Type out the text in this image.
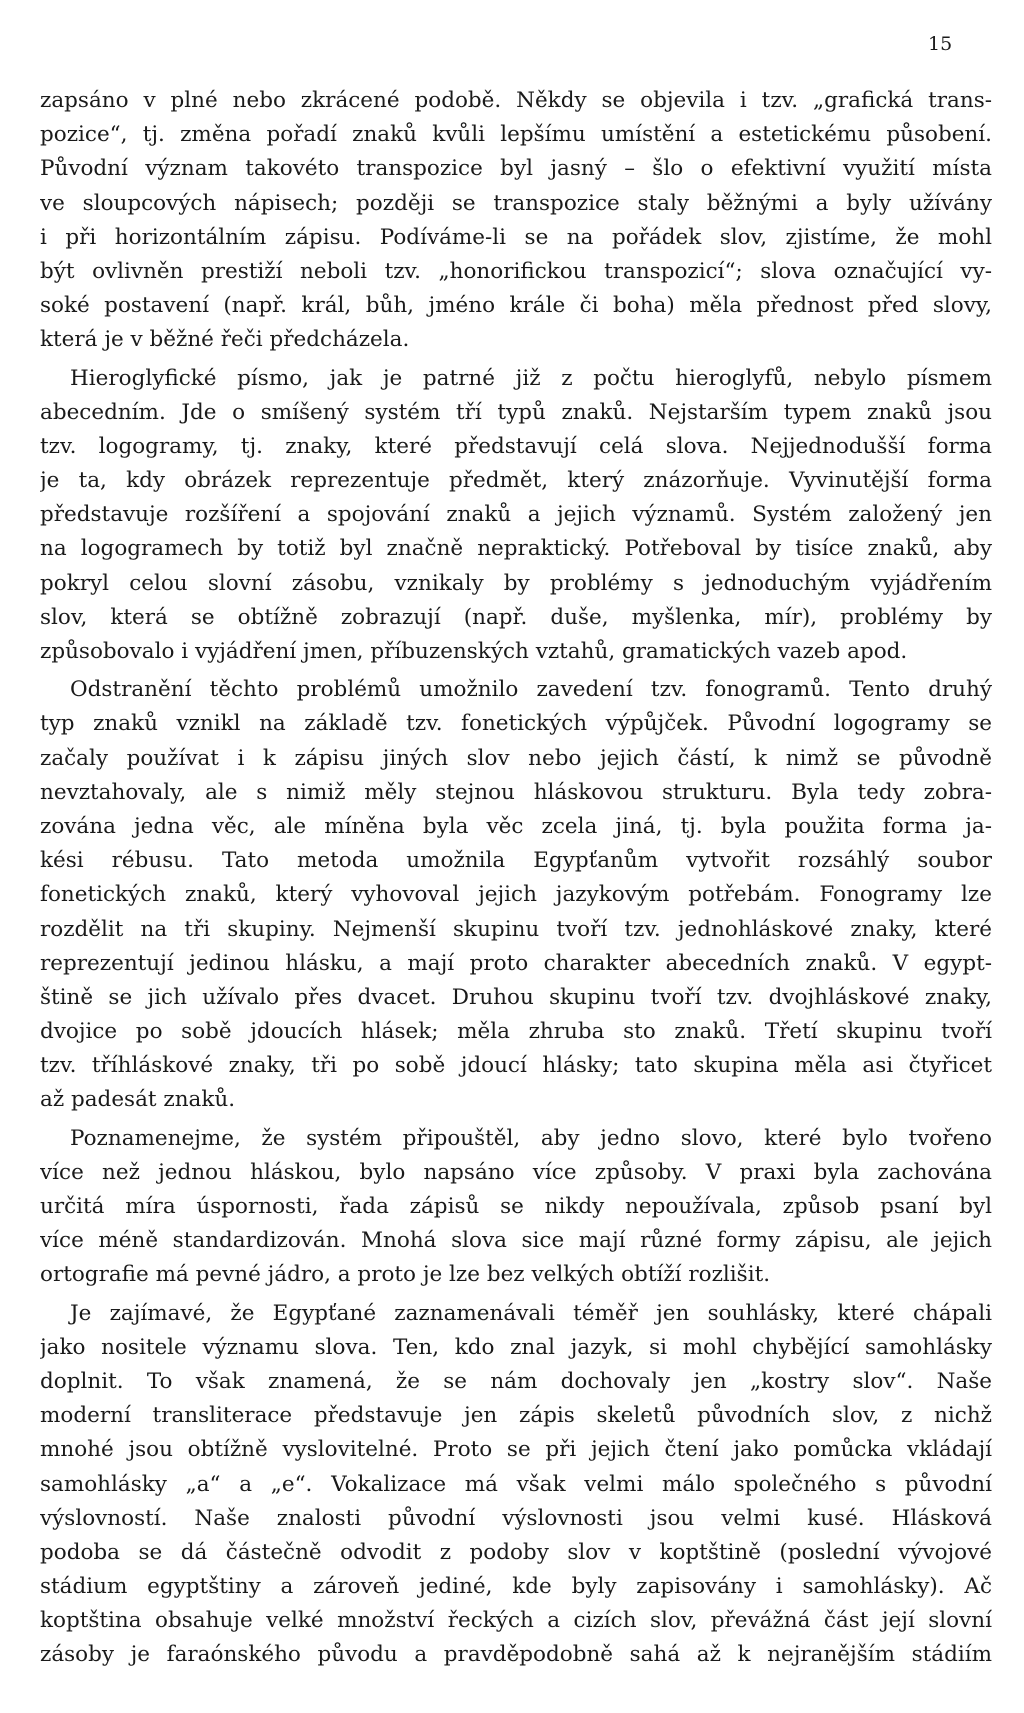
15
zapsáno v plné nebo zkrácené podobě. Někdy se objevila i tzv. „grafická trans-
pozice“, tj. změna pořadí znaků kvůli lepšímu umístění a estetickému působení.
Původní význam takovéto transpozice byl jasný – šlo o efektivní využití místa
ve sloupcových nápisech; později se transpozice staly běžnými a byly užívány
i při horizontálním zápisu. Podíváme-li se na pořádek slov, zjistíme, že mohl
být ovlivněn prestiží neboli tzv. „honorifickou transpozicí“; slova označující vy-
soké postavení (např. král, bůh, jméno krále či boha) měla přednost před slovy,
která je v běžné řeči předcházela.
Hieroglyfické písmo, jak je patrné již z počtu hieroglyfů, nebylo písmem
abecedním. Jde o smíšený systém tří typů znaků. Nejstarším typem znaků jsou
tzv. logogramy, tj. znaky, které představují celá slova. Nejjednodušší forma
je ta, kdy obrázek reprezentuje předmět, který znázorňuje. Vyvinutější forma
představuje rozšíření a spojování znaků a jejich významů. Systém založený jen
na logogramech by totiž byl značně nepraktický. Potřeboval by tisíce znaků, aby
pokryl celou slovní zásobu, vznikaly by problémy s jednoduchým vyjádřením
slov, která se obtížně zobrazují (např. duše, myšlenka, mír), problémy by
způsobovalo i vyjádření jmen, příbuzenských vztahů, gramatických vazeb apod.
Odstranění těchto problémů umožnilo zavedení tzv. fonogramů. Tento druhý
typ znaků vznikl na základě tzv. fonetických výpůjček. Původní logogramy se
začaly používat i k zápisu jiných slov nebo jejich částí, k nimž se původně
nevztahovaly, ale s nimiž měly stejnou hláskovou strukturu. Byla tedy zobra-
zována jedna věc, ale míněna byla věc zcela jiná, tj. byla použita forma ja-
kési rébusu. Tato metoda umožnila Egypťanům vytvořit rozsáhlý soubor
fonetických znaků, který vyhovoval jejich jazykovým potřebám. Fonogramy lze
rozdělit na tři skupiny. Nejmenší skupinu tvoří tzv. jednohláskové znaky, které
reprezentují jedinou hlásku, a mají proto charakter abecedních znaků. V egypt-
štině se jich užívalo přes dvacet. Druhou skupinu tvoří tzv. dvojhláskové znaky,
dvojice po sobě jdoucích hlásek; měla zhruba sto znaků. Třetí skupinu tvoří
tzv. tříhláskové znaky, tři po sobě jdoucí hlásky; tato skupina měla asi čtyřicet
až padesát znaků.
Poznamenejme, že systém připouštěl, aby jedno slovo, které bylo tvořeno
více než jednou hláskou, bylo napsáno více způsoby. V praxi byla zachována
určitá míra úspornosti, řada zápisů se nikdy nepoužívala, způsob psaní byl
více méně standardizován. Mnohá slova sice mají různé formy zápisu, ale jejich
ortografie má pevné jádro, a proto je lze bez velkých obtíží rozlišit.
Je zajímavé, že Egypťané zaznamenávali téměř jen souhlásky, které chápali
jako nositele významu slova. Ten, kdo znal jazyk, si mohl chybějící samohlásky
doplnit. To však znamená, že se nám dochovaly jen „kostry slov“. Naše
moderní transliterace představuje jen zápis skeletů původních slov, z nichž
mnohé jsou obtížně vyslovitelné. Proto se při jejich čtení jako pomůcka vkládají
samohlásky „a“ a „e“. Vokalizace má však velmi málo společného s původní
výslovností. Naše znalosti původní výslovnosti jsou velmi kusé. Hlásková
podoba se dá částečně odvodit z podoby slov v koptštině (poslední vývojové
stádium egyptštiny a zároveň jediné, kde byly zapisovány i samohlásky). Ač
koptština obsahuje velké množství řeckých a cizích slov, převážná část její slovní
zásoby je faraónského původu a pravděpodobně sahá až k nejranějším stádiím
